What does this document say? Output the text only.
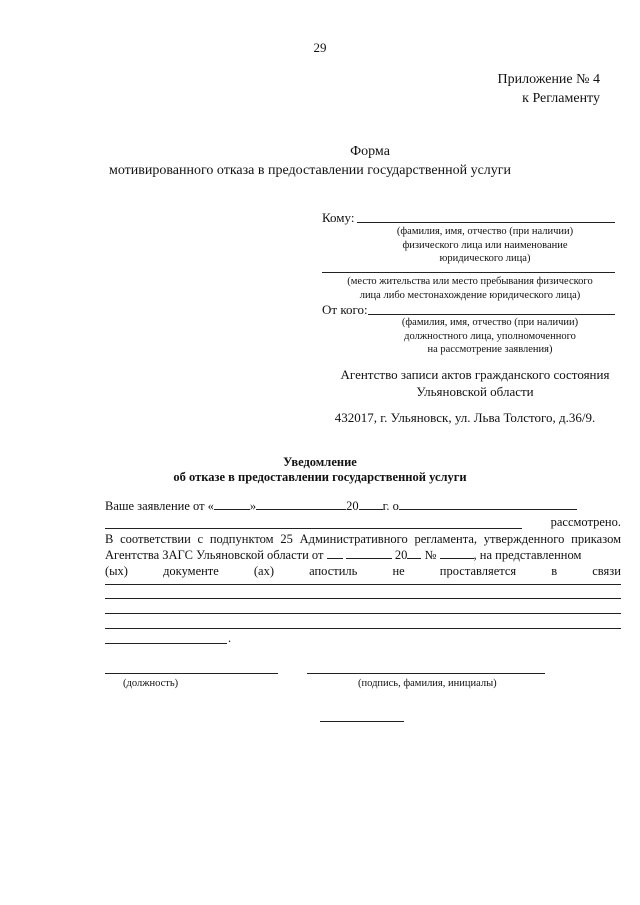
29
Приложение № 4
к Регламенту
Форма
мотивированного отказа в предоставлении государственной услуги
Кому:
(фамилия, имя, отчество (при наличии)
физического лица или наименование
юридического лица)
(место жительства или место пребывания физического
лица либо местонахождение юридического лица)
От кого:
(фамилия, имя, отчество (при наличии)
должностного лица, уполномоченного
на рассмотрение заявления)
Агентство записи актов гражданского состояния
Ульяновской области
432017, г. Ульяновск, ул. Льва Толстого, д.36/9.
Уведомление
об отказе в предоставлении государственной услуги
Ваше заявление от «	»	20 г. о
рассмотрено.
В соответствии с подпунктом 25 Административного регламента, утвержденного приказом
Агентства ЗАГС Ульяновской области от	20 №	, на представленном
(ых)	документе	(ах)	апостиль	не	проставляется	в	связи
.
(должность)	(подпись, фамилия, инициалы)
